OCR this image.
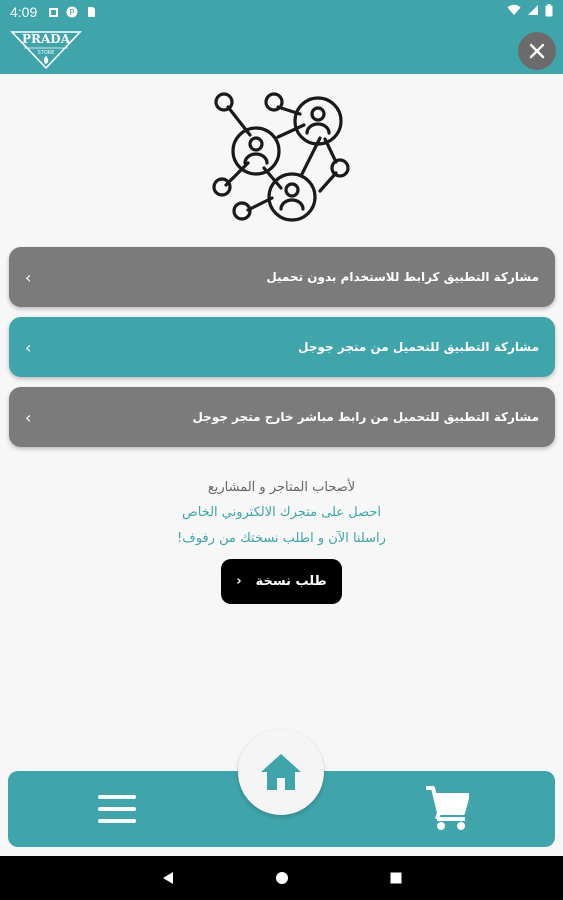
4:09	P
PRADA
STORE
‹	مشاركة التطبيق كرابط للاستخدام بدون تحميل
‹	مشاركة التطبيق للتحميل من متجر جوجل
‹	مشاركة التطبيق للتحميل من رابط مباشر خارج متجر جوجل
لأصحاب المتاجر و المشاريع
احصل على متجرك الالكتروني الخاص
راسلنا الآن و اطلب نسختك من رفوف!
طلب نسخة
‹
